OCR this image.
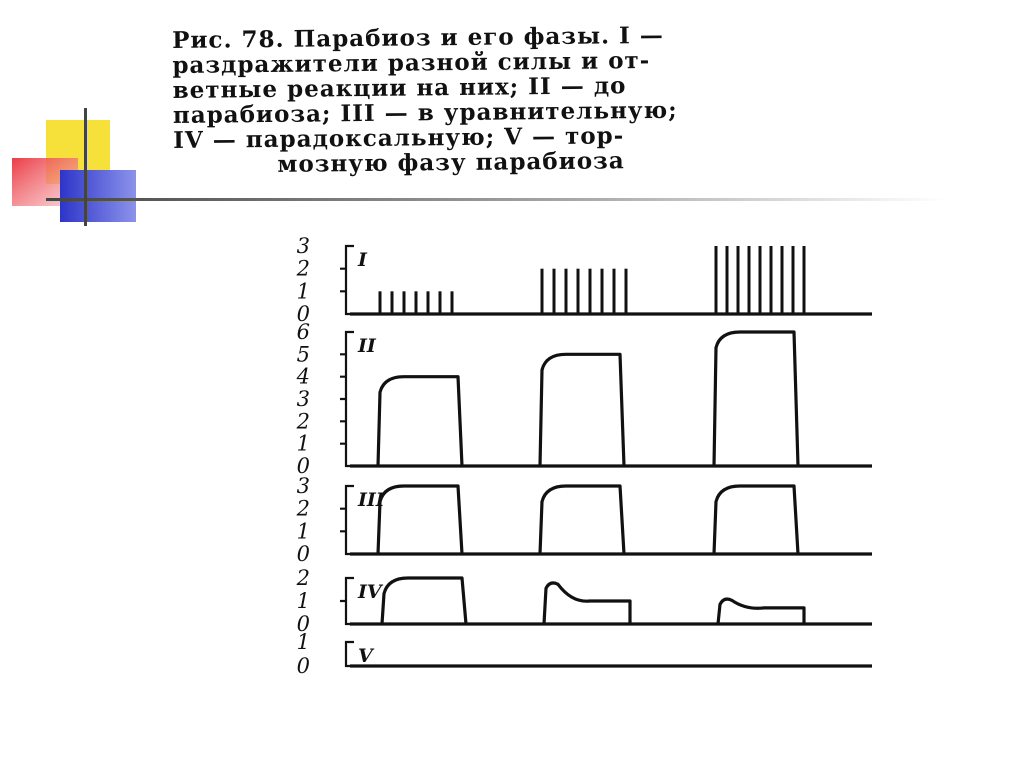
Рис. 78. Парабиоз и его фазы. I —
раздражители разной силы и от-
ветные реакции на них; II — до
парабиоза; III — в уравнительную;
IV — парадоксальную; V — тор-
мозную фазу парабиоза
3
2
1
0
I
6
5
4
3
2
1
0
II
3
2
1
0
III
2
1
0
IV
1
0	V
